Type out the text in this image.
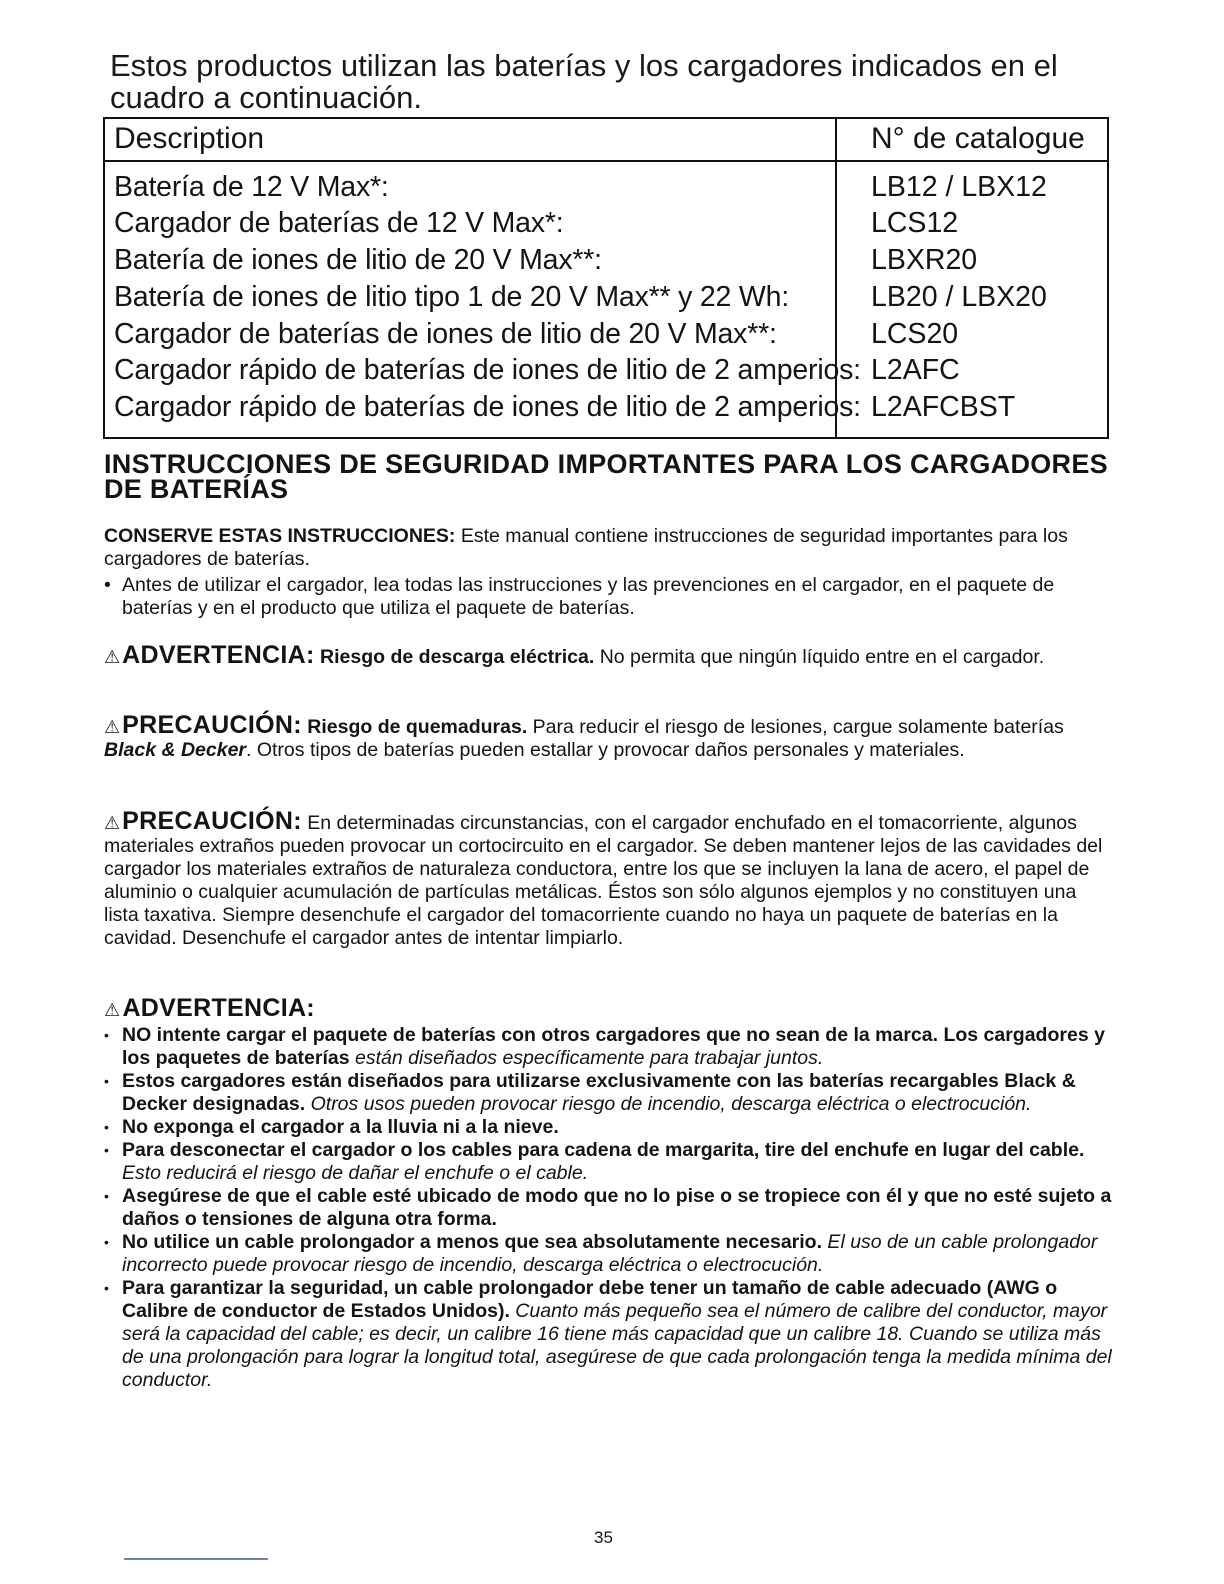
Estos productos utilizan las baterías y los cargadores indicados en el cuadro a continuación.
Description	N° de catalogue
Batería de 12 V Max*:	LB12 / LBX12
Cargador de baterías de 12 V Max*:	LCS12
Batería de iones de litio de 20 V Max**:	LBXR20
Batería de iones de litio tipo 1 de 20 V Max** y 22 Wh:	LB20 / LBX20
Cargador de baterías de iones de litio de 20 V Max**:	LCS20
Cargador rápido de baterías de iones de litio de 2 amperios: L2AFC
Cargador rápido de baterías de iones de litio de 2 amperios: L2AFCBST
INSTRUCCIONES DE SEGURIDAD IMPORTANTES PARA LOS CARGADORES DE BATERÍAS
CONSERVE ESTAS INSTRUCCIONES: Este manual contiene instrucciones de seguridad importantes para los cargadores de baterías.
• Antes de utilizar el cargador, lea todas las instrucciones y las prevenciones en el cargador, en el paquete de baterías y en el producto que utiliza el paquete de baterías.
⚠ADVERTENCIA: Riesgo de descarga eléctrica. No permita que ningún líquido entre en el cargador.
⚠PRECAUCIÓN: Riesgo de quemaduras. Para reducir el riesgo de lesiones, cargue solamente baterías Black & Decker. Otros tipos de baterías pueden estallar y provocar daños personales y materiales.
⚠PRECAUCIÓN: En determinadas circunstancias, con el cargador enchufado en el tomacorriente, algunos materiales extraños pueden provocar un cortocircuito en el cargador. Se deben mantener lejos de las cavidades del cargador los materiales extraños de naturaleza conductora, entre los que se incluyen la lana de acero, el papel de aluminio o cualquier acumulación de partículas metálicas. Éstos son sólo algunos ejemplos y no constituyen una lista taxativa. Siempre desenchufe el cargador del tomacorriente cuando no haya un paquete de baterías en la cavidad. Desenchufe el cargador antes de intentar limpiarlo.
⚠ADVERTENCIA:
• NO intente cargar el paquete de baterías con otros cargadores que no sean de la marca. Los cargadores y los paquetes de baterías están diseñados específicamente para trabajar juntos.
• Estos cargadores están diseñados para utilizarse exclusivamente con las baterías recargables Black & Decker designadas. Otros usos pueden provocar riesgo de incendio, descarga eléctrica o electrocución.
• No exponga el cargador a la lluvia ni a la nieve.
• Para desconectar el cargador o los cables para cadena de margarita, tire del enchufe en lugar del cable. Esto reducirá el riesgo de dañar el enchufe o el cable.
• Asegúrese de que el cable esté ubicado de modo que no lo pise o se tropiece con él y que no esté sujeto a daños o tensiones de alguna otra forma.
• No utilice un cable prolongador a menos que sea absolutamente necesario. El uso de un cable prolongador incorrecto puede provocar riesgo de incendio, descarga eléctrica o electrocución.
• Para garantizar la seguridad, un cable prolongador debe tener un tamaño de cable adecuado (AWG o Calibre de conductor de Estados Unidos). Cuanto más pequeño sea el número de calibre del conductor, mayor será la capacidad del cable; es decir, un calibre 16 tiene más capacidad que un calibre 18. Cuando se utiliza más de una prolongación para lograr la longitud total, asegúrese de que cada prolongación tenga la medida mínima del conductor.
35
